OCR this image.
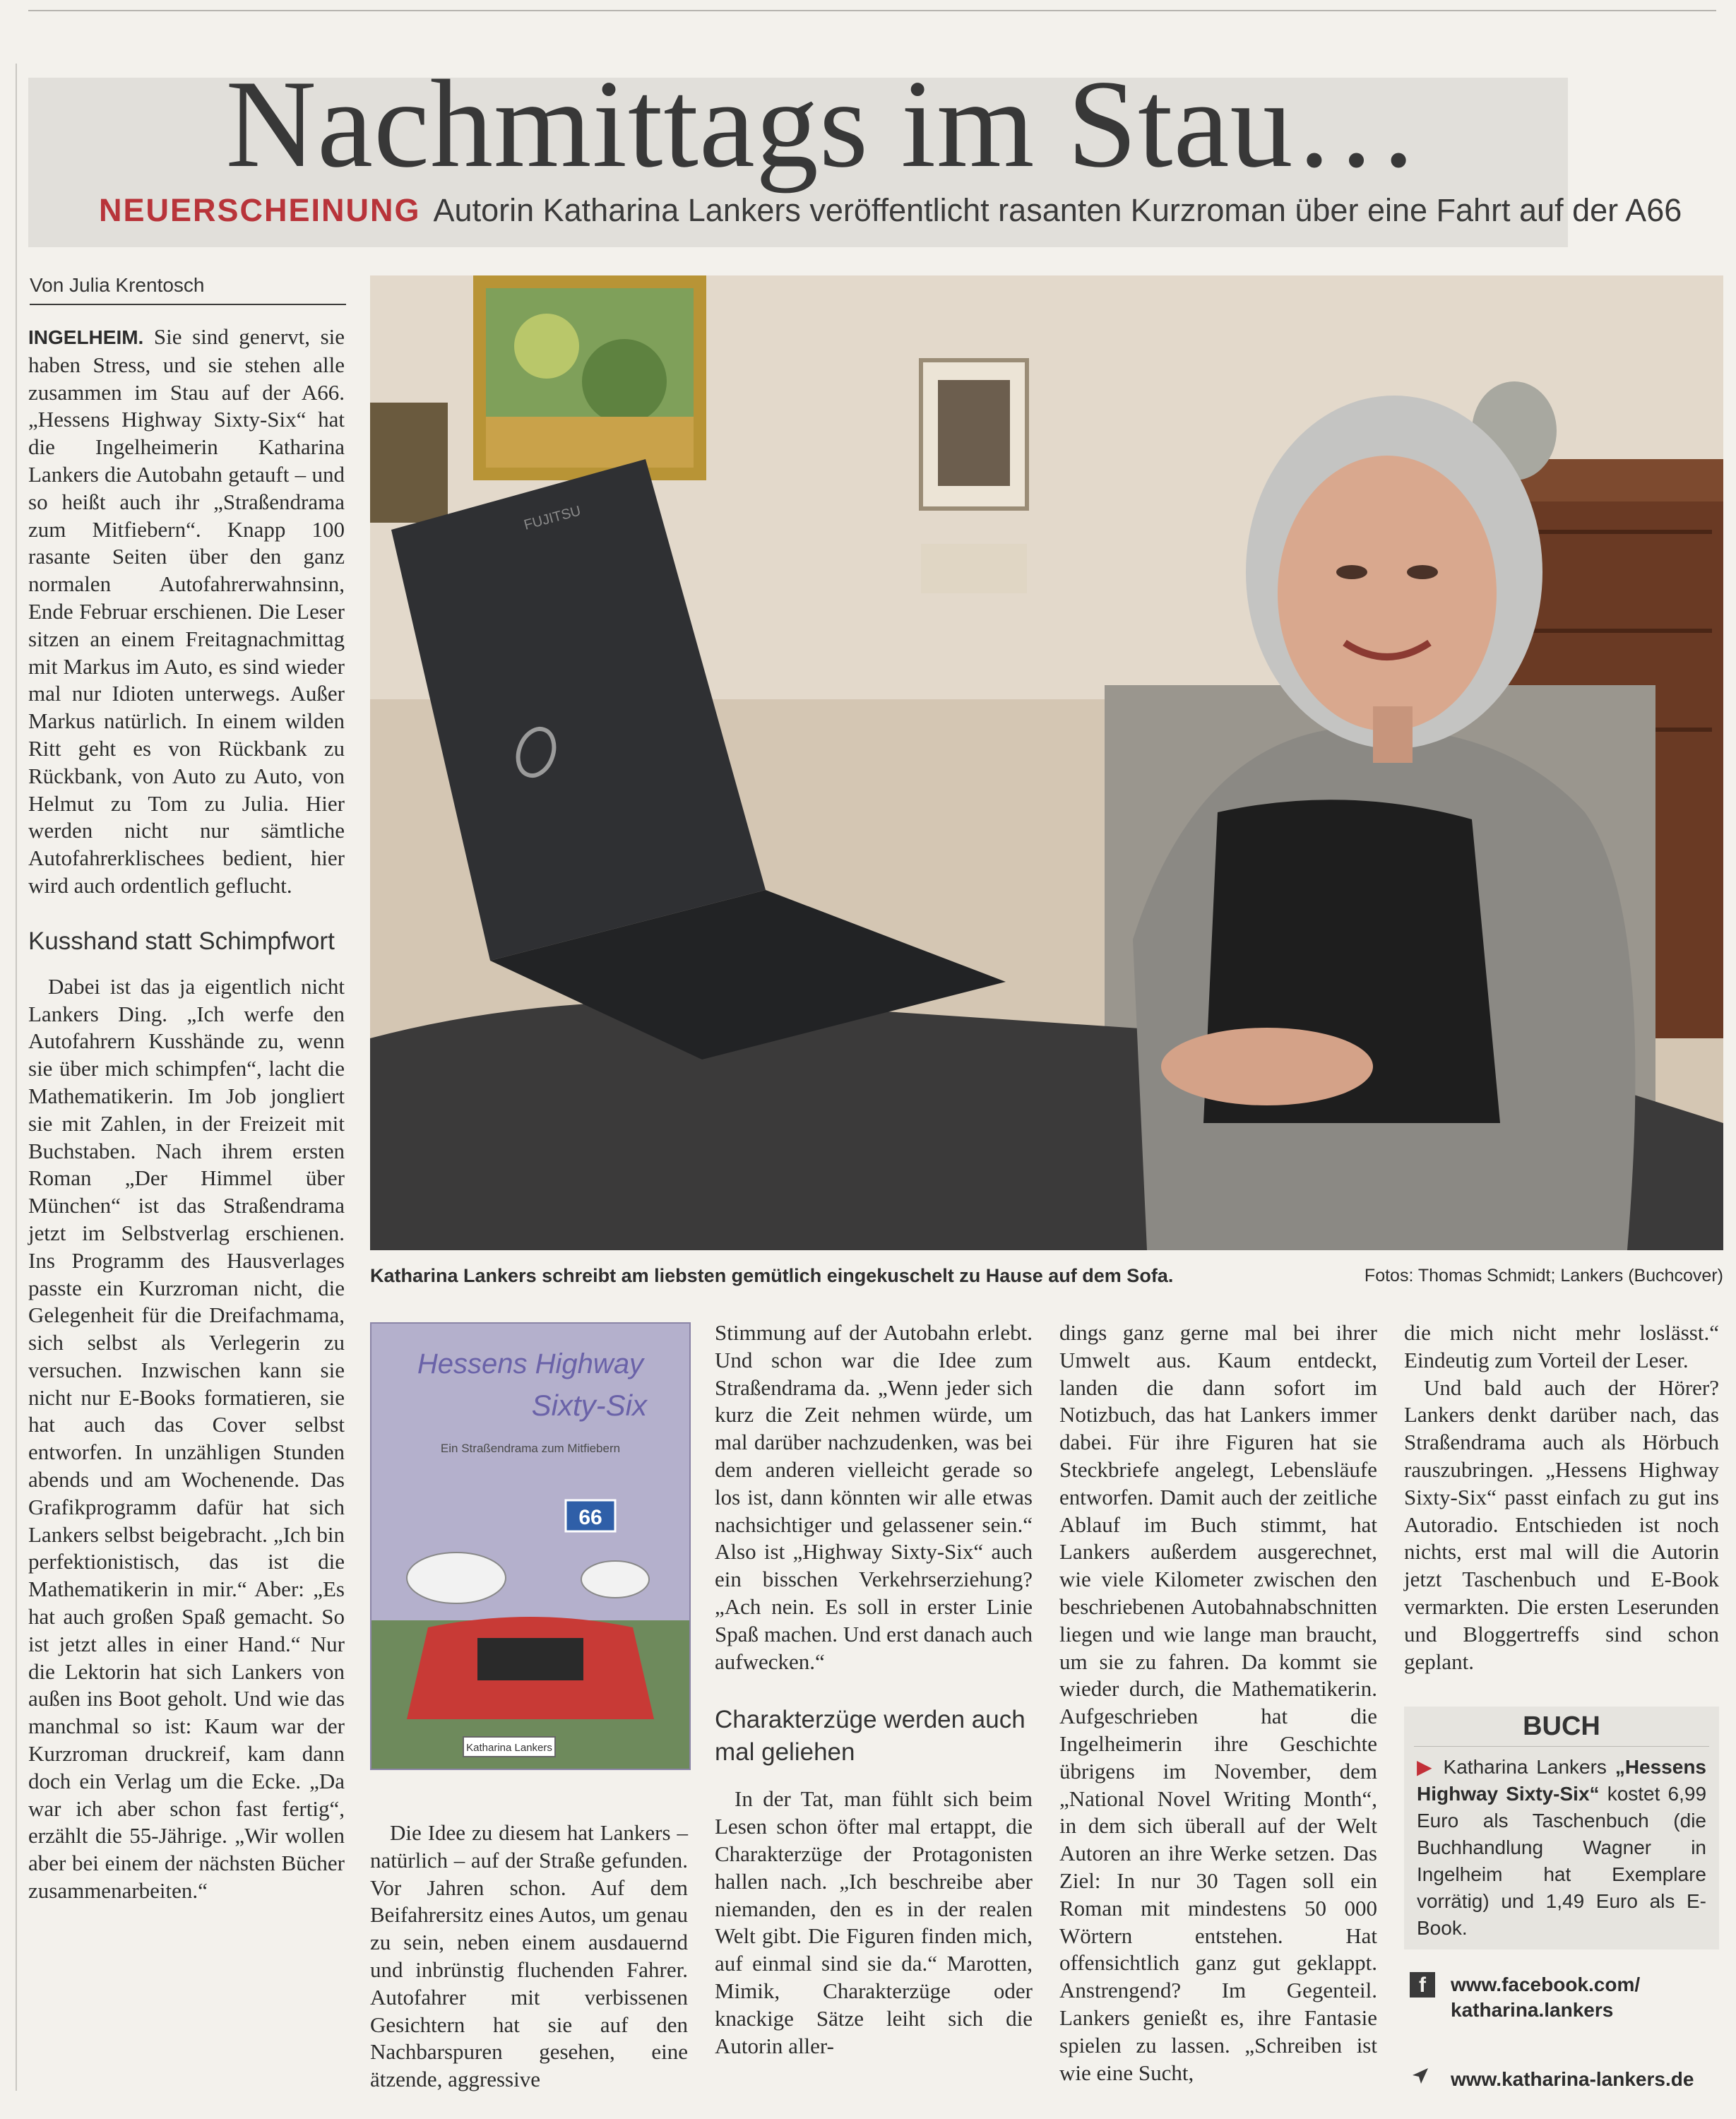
Nachmittags im Stau…
NEUERSCHEINUNG Autorin Katharina Lankers veröffentlicht rasanten Kurzroman über eine Fahrt auf der A66
Von Julia Krentosch

INGELHEIM. Sie sind genervt, sie haben Stress, und sie stehen alle zusammen im Stau auf der A66. „Hessens Highway Sixty-Six“ hat die Ingelheimerin Katharina Lankers die Autobahn getauft – und so heißt auch ihr „Straßendrama zum Mitfiebern“. Knapp 100 rasante Seiten über den ganz normalen Autofahrerwahnsinn, Ende Februar erschienen. Die Leser sitzen an einem Freitagnachmittag mit Markus im Auto, es sind wieder mal nur Idioten unterwegs. Außer Markus natürlich. In einem wilden Ritt geht es von Rückbank zu Rückbank, von Auto zu Auto, von Helmut zu Tom zu Julia. Hier werden nicht nur sämtliche Autofahrerklischees bedient, hier wird auch ordentlich geflucht.

Kusshand statt Schimpfwort

Dabei ist das ja eigentlich nicht Lankers Ding. „Ich werfe den Autofahrern Kusshände zu, wenn sie über mich schimpfen“, lacht die Mathematikerin. Im Job jongliert sie mit Zahlen, in der Freizeit mit Buchstaben. Nach ihrem ersten Roman „Der Himmel über München“ ist das Straßendrama jetzt im Selbstverlag erschienen. Ins Programm des Hausverlages passte ein Kurzroman nicht, die Gelegenheit für die Dreifachmama, sich selbst als Verlegerin zu versuchen. Inzwischen kann sie nicht nur E-Books formatieren, sie hat auch das Cover selbst entworfen. In unzähligen Stunden abends und am Wochenende. Das Grafikprogramm dafür hat sich Lankers selbst beigebracht. „Ich bin perfektionistisch, das ist die Mathematikerin in mir.“ Aber: „Es hat auch großen Spaß gemacht. So ist jetzt alles in einer Hand.“ Nur die Lektorin hat sich Lankers von außen ins Boot geholt. Und wie das manchmal so ist: Kaum war der Kurzroman druckreif, kam dann doch ein Verlag um die Ecke. „Da war ich aber schon fast fertig“, erzählt die 55-Jährige. „Wir wollen aber bei einem der nächsten Bücher zusammenarbeiten.“

FUJITSU
Katharina Lankers schreibt am liebsten gemütlich eingekuschelt zu Hause auf dem Sofa.	Fotos: Thomas Schmidt; Lankers (Buchcover)
Hessens Highway
Sixty-Six
Ein Straßendrama zum Mitfiebern
66
Katharina Lankers

Die Idee zu diesem hat Lankers – natürlich – auf der Straße gefunden. Vor Jahren schon. Auf dem Beifahrersitz eines Autos, um genau zu sein, neben einem ausdauernd und inbrünstig fluchenden Fahrer. Autofahrer mit verbissenen Gesichtern hat sie auf den Nachbarspuren gesehen, eine ätzende, aggressive

Stimmung auf der Autobahn erlebt. Und schon war die Idee zum Straßendrama da. „Wenn jeder sich kurz die Zeit nehmen würde, um mal darüber nachzudenken, was bei dem anderen vielleicht gerade so los ist, dann könnten wir alle etwas nachsichtiger und gelassener sein.“ Also ist „Highway Sixty-Six“ auch ein bisschen Verkehrserziehung? „Ach nein. Es soll in erster Linie Spaß machen. Und erst danach auch aufwecken.“

Charakterzüge werden auch mal geliehen

In der Tat, man fühlt sich beim Lesen schon öfter mal ertappt, die Charakterzüge der Protagonisten hallen nach. „Ich beschreibe aber niemanden, den es in der realen Welt gibt. Die Figuren finden mich, auf einmal sind sie da.“ Marotten, Mimik, Charakterzüge oder knackige Sätze leiht sich die Autorin aller-

dings ganz gerne mal bei ihrer Umwelt aus. Kaum entdeckt, landen die dann sofort im Notizbuch, das hat Lankers immer dabei. Für ihre Figuren hat sie Steckbriefe angelegt, Lebensläufe entworfen. Damit auch der zeitliche Ablauf im Buch stimmt, hat Lankers außerdem ausgerechnet, wie viele Kilometer zwischen den beschriebenen Autobahnabschnitten liegen und wie lange man braucht, um sie zu fahren. Da kommt sie wieder durch, die Mathematikerin. Aufgeschrieben hat die Ingelheimerin ihre Geschichte übrigens im November, dem „National Novel Writing Month“, in dem sich überall auf der Welt Autoren an ihre Werke setzen. Das Ziel: In nur 30 Tagen soll ein Roman mit mindestens 50 000 Wörtern entstehen. Hat offensichtlich ganz gut geklappt. Anstrengend? Im Gegenteil. Lankers genießt es, ihre Fantasie spielen zu lassen. „Schreiben ist wie eine Sucht,

die mich nicht mehr loslässt.“ Eindeutig zum Vorteil der Leser.

Und bald auch der Hörer? Lankers denkt darüber nach, das Straßendrama auch als Hörbuch rauszubringen. „Hessens Highway Sixty-Six“ passt einfach zu gut ins Autoradio. Entschieden ist noch nichts, erst mal will die Autorin jetzt Taschenbuch und E-Book vermarkten. Die ersten Leserunden und Bloggertreffs sind schon geplant.

BUCH
▶ Katharina Lankers „Hessens Highway Sixty-Six“ kostet 6,99 Euro als Taschenbuch (die Buchhandlung Wagner in Ingelheim hat Exemplare vorrätig) und 1,49 Euro als E-Book.
f	www.facebook.com/
katharina.lankers
www.katharina-lankers.de
